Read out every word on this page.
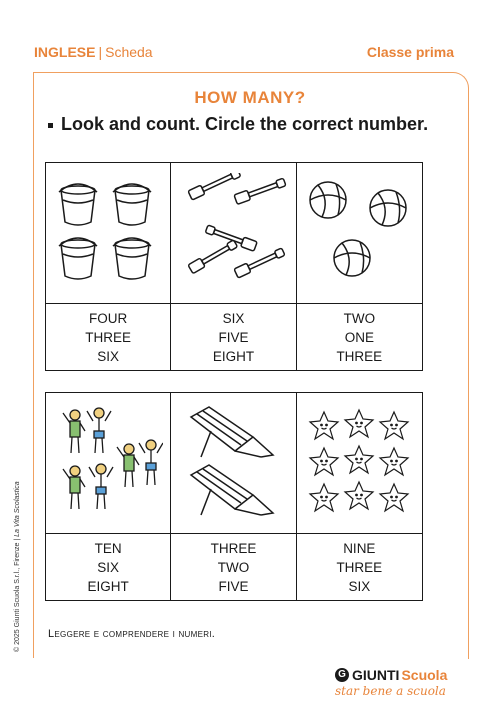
INGLESE | Scheda	Classe prima
HOW MANY?
Look and count. Circle the correct number.
FOUR
THREE
SIX
SIX
FIVE
EIGHT
TWO
ONE
THREE
TEN
SIX
EIGHT
THREE
TWO
FIVE
NINE
THREE
SIX
Leggere e comprendere i numeri.
© 2025 Giunti Scuola S.r.l., Firenze | La Vita Scolastica
G GIUNTI Scuola
star bene a scuola
